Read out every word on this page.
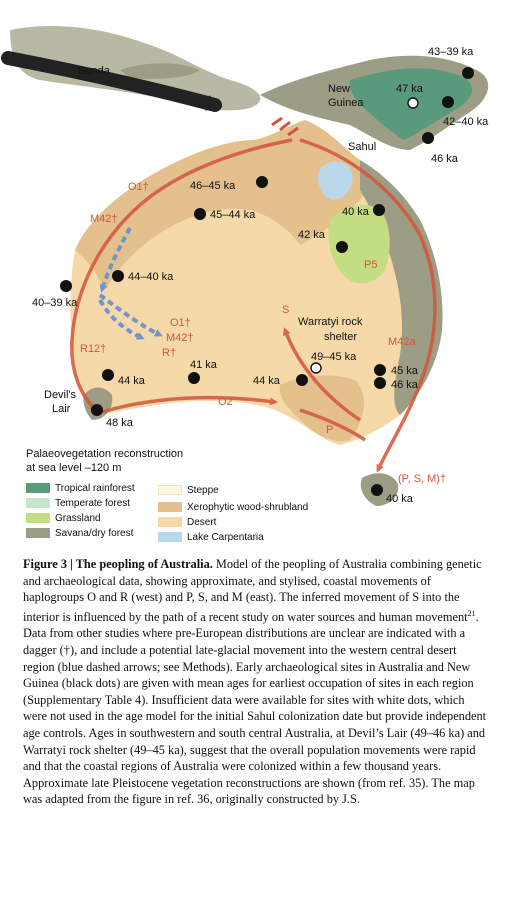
Sunda
New
Guinea
Sahul
Devil's
Lair
Warratyi rock
shelter
O1†
M42†
O1†
M42†
R†
R12†
O2
S
P5
M42a
P
(P, S, M)†
43–39 ka
47 ka
42–40 ka
46 ka
46–45 ka
45–44 ka	40 ka
42 ka
44–40 ka
40–39 ka
49–45 ka
41 ka
44 ka	44 ka
45 ka
46 ka
48 ka
40 ka
Palaeovegetation reconstruction
at sea level –120 m
Tropical rainforest
Temperate forest
Grassland
Savana/dry forest
Steppe
Xerophytic wood-shrubland
Desert
Lake Carpentaria
Figure 3 | The peopling of Australia. Model of the peopling of Australia combining genetic and archaeological data, showing approximate, and stylised, coastal movements of haplogroups O and R (west) and P, S, and M (east). The inferred movement of S into the interior is influenced by the path of a recent study on water sources and human movement$^{21}$. Data from other studies where pre-European distributions are unclear are indicated with a dagger (†), and include a potential late-glacial movement into the western central desert region (blue dashed arrows; see Methods). Early archaeological sites in Australia and New Guinea (black dots) are given with mean ages for earliest occupation of sites in each region (Supplementary Table 4). Insufficient data were available for sites with white dots, which were not used in the age model for the initial Sahul colonization date but provide independent age controls. Ages in southwestern and south central Australia, at Devil’s Lair (49–46 ka) and Warratyi rock shelter (49–45 ka), suggest that the overall population movements were rapid and that the coastal regions of Australia were colonized within a few thousand years. Approximate late Pleistocene vegetation reconstructions are shown (from ref. 35). The map was adapted from the figure in ref. 36, originally constructed by J.S.
